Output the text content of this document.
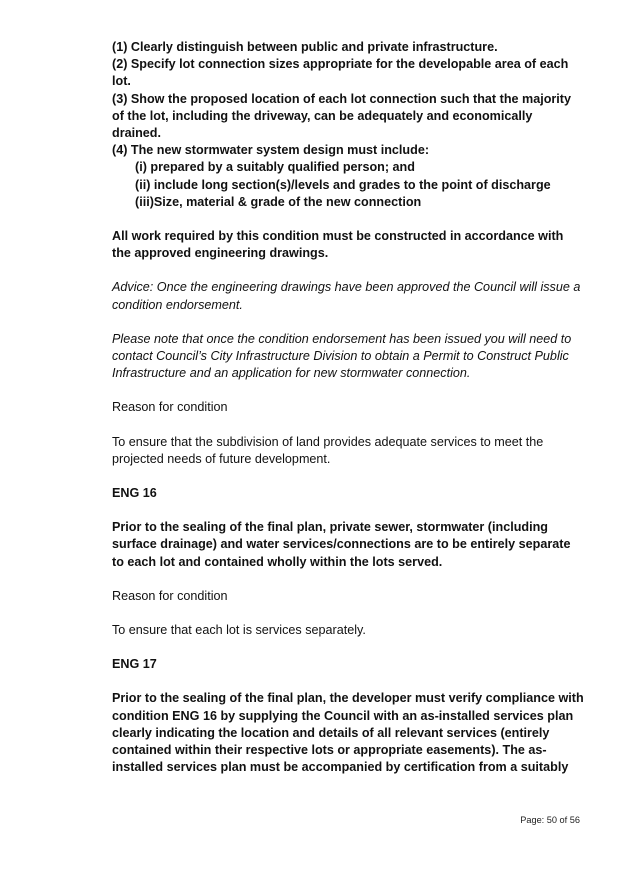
(1) Clearly distinguish between public and private infrastructure.

(2) Specify lot connection sizes appropriate for the developable area of each

lot.

(3) Show the proposed location of each lot connection such that the majority

of the lot, including the driveway, can be adequately and economically

drained.

(4) The new stormwater system design must include:

(i) prepared by a suitably qualified person; and

(ii) include long section(s)/levels and grades to the point of discharge

(iii)Size, material & grade of the new connection

All work required by this condition must be constructed in accordance with

the approved engineering drawings.

Advice: Once the engineering drawings have been approved the Council will issue a

condition endorsement.

Please note that once the condition endorsement has been issued you will need to

contact Council’s City Infrastructure Division to obtain a Permit to Construct Public

Infrastructure and an application for new stormwater connection.

Reason for condition

To ensure that the subdivision of land provides adequate services to meet the

projected needs of future development.

ENG 16

Prior to the sealing of the final plan, private sewer, stormwater (including

surface drainage) and water services/connections are to be entirely separate

to each lot and contained wholly within the lots served.

Reason for condition

To ensure that each lot is services separately.

ENG 17

Prior to the sealing of the final plan, the developer must verify compliance with

condition ENG 16 by supplying the Council with an as-installed services plan

clearly indicating the location and details of all relevant services (entirely

contained within their respective lots or appropriate easements). The as-

installed services plan must be accompanied by certification from a suitably

Page: 50 of 56
